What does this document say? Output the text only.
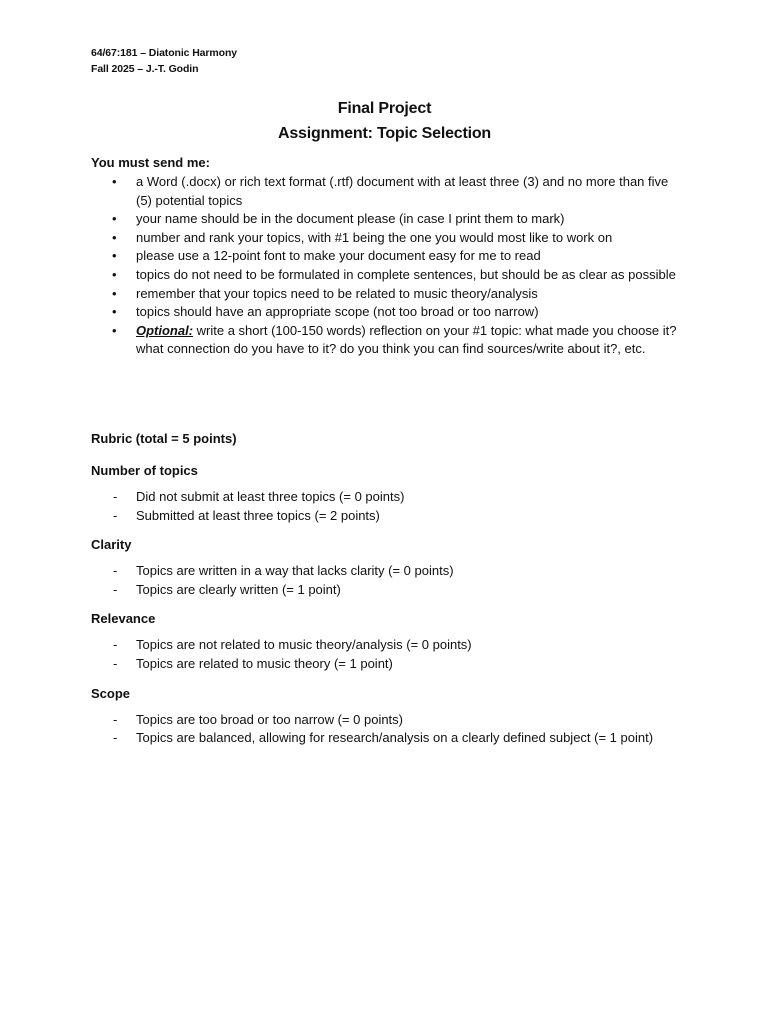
64/67:181 – Diatonic Harmony
Fall 2025 – J.-T. Godin
Final Project
Assignment: Topic Selection
You must send me:
• a Word (.docx) or rich text format (.rtf) document with at least three (3) and no more than five (5) potential topics
• your name should be in the document please (in case I print them to mark)
• number and rank your topics, with #1 being the one you would most like to work on
• please use a 12-point font to make your document easy for me to read
• topics do not need to be formulated in complete sentences, but should be as clear as possible
• remember that your topics need to be related to music theory/analysis
• topics should have an appropriate scope (not too broad or too narrow)
• Optional: write a short (100-150 words) reflection on your #1 topic: what made you choose it? what connection do you have to it? do you think you can find sources/write about it?, etc.
Rubric (total = 5 points)
Number of topics
- Did not submit at least three topics (= 0 points)
- Submitted at least three topics (= 2 points)
Clarity
- Topics are written in a way that lacks clarity (= 0 points)
- Topics are clearly written (= 1 point)
Relevance
- Topics are not related to music theory/analysis (= 0 points)
- Topics are related to music theory (= 1 point)
Scope
- Topics are too broad or too narrow (= 0 points)
- Topics are balanced, allowing for research/analysis on a clearly defined subject (= 1 point)
